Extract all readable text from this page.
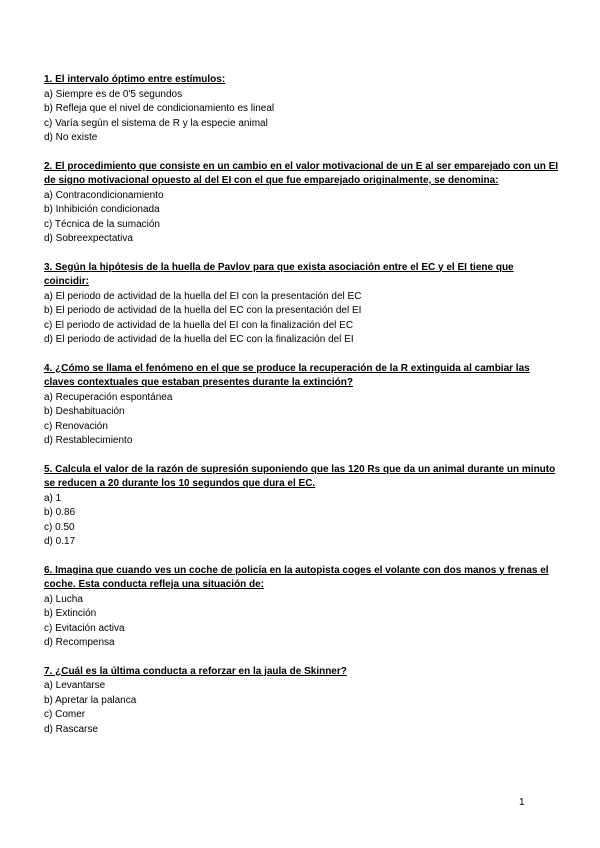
1. El intervalo óptimo entre estímulos:

a) Siempre es de 0'5 segundos

b) Refleja que el nivel de condicionamiento es lineal

c) Varía según el sistema de R y la especie animal

d) No existe

2. El procedimiento que consiste en un cambio en el valor motivacional de un E al ser emparejado con un EI de signo motivacional opuesto al del EI con el que fue emparejado originalmente, se denomina:

a) Contracondicionamiento

b) Inhibición condicionada

c) Técnica de la sumación

d) Sobreexpectativa

3. Según la hipótesis de la huella de Pavlov para que exista asociación entre el EC y el EI tiene que coincidir:

a) El periodo de actividad de la huella del EI con la presentación del EC

b) El periodo de actividad de la huella del EC con la presentación del EI

c) El periodo de actividad de la huella del EI con la finalización del EC

d) El periodo de actividad de la huella del EC con la finalización del EI

4. ¿Cómo se llama el fenómeno en el que se produce la recuperación de la R extinguida al cambiar las claves contextuales que estaban presentes durante la extinción?

a) Recuperación espontánea

b) Deshabituación

c) Renovación

d) Restablecimiento

5. Calcula el valor de la razón de supresión suponiendo que las 120 Rs que da un animal durante un minuto se reducen a 20 durante los 10 segundos que dura el EC.

a) 1

b) 0.86

c) 0.50

d) 0.17

6. Imagina que cuando ves un coche de policía en la autopista coges el volante con dos manos y frenas el coche. Esta conducta refleja una situación de:

a) Lucha

b) Extinción

c) Evitación activa

d) Recompensa

7. ¿Cuál es la última conducta a reforzar en la jaula de Skinner?

a) Levantarse

b) Apretar la palanca

c) Comer

d) Rascarse

1
